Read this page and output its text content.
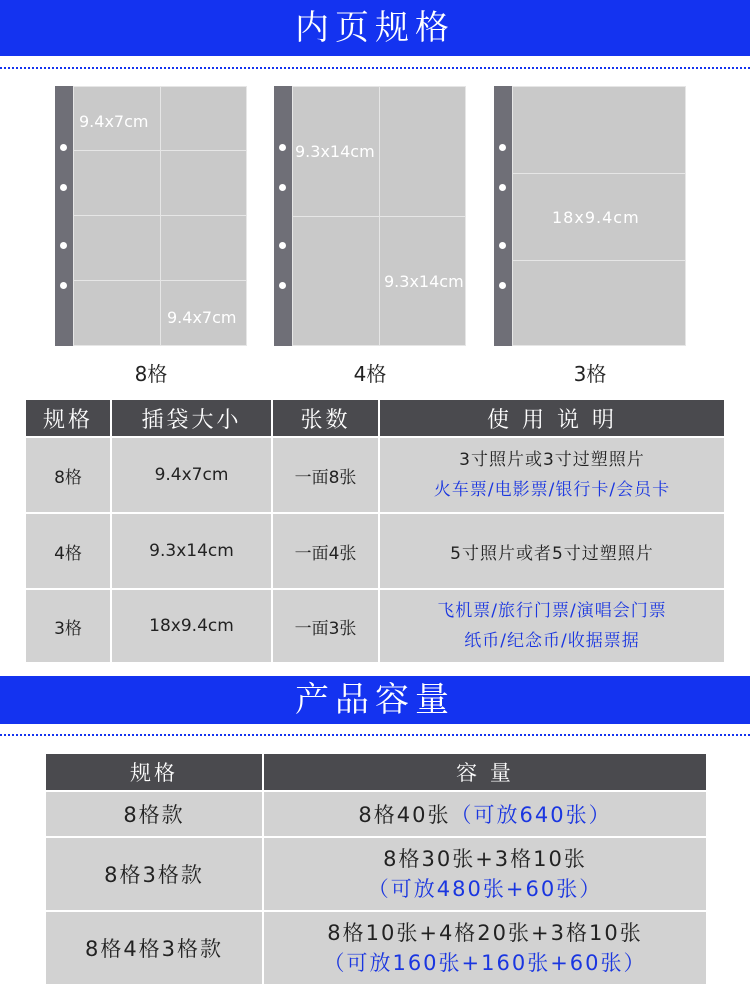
内页规格
9.4x7cm
9.4x7cm
8格
9.3x14cm
9.3x14cm
4格
18x9.4cm
3格
规格	插袋大小	张数	使 用 说 明
8格	9.4x7cm	一面8张	3寸照片或3寸过塑照片
火车票/电影票/银行卡/会员卡

4格	9.3x14cm	一面4张	5寸照片或者5寸过塑照片

3格	18x9.4cm	一面3张	飞机票/旅行门票/演唱会门票
纸币/纪念币/收据票据
产品容量
规格	容 量
8格款	8格40张（可放640张）
8格3格款	8格30张+3格10张
（可放480张+60张）

8格4格3格款	8格10张+4格20张+3格10张
（可放160张+160张+60张）
